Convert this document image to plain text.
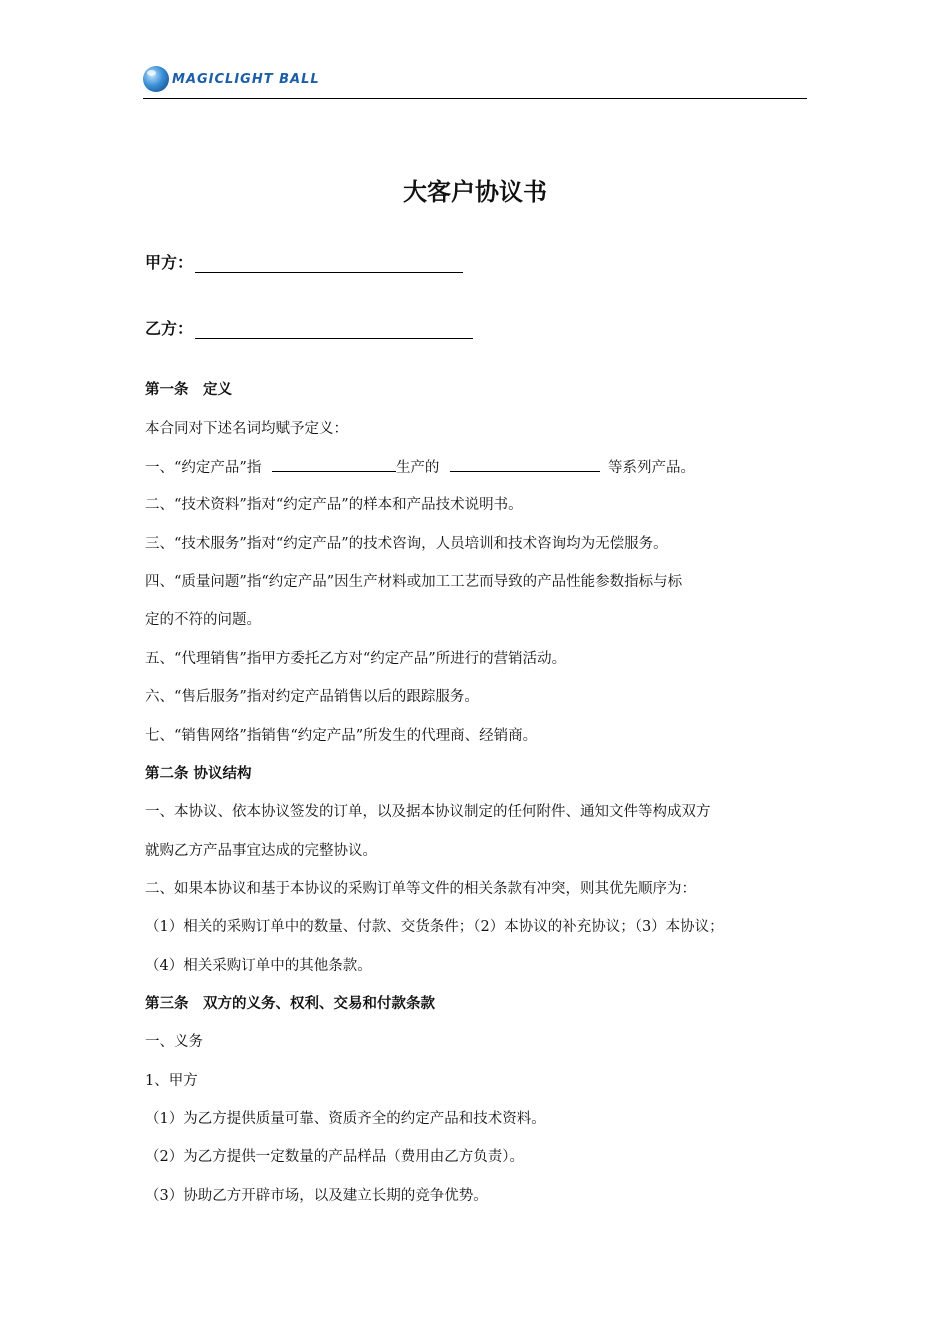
MAGICLIGHT BALL
大客户协议书
甲方：
乙方：
第一条　定义
本合同对下述名词均赋予定义：
一、“约定产品”指	生产的	等系列产品。
二、“技术资料”指对“约定产品”的样本和产品技术说明书。
三、“技术服务”指对“约定产品”的技术咨询，人员培训和技术咨询均为无偿服务。
四、“质量问题”指“约定产品”因生产材料或加工工艺而导致的产品性能参数指标与标
定的不符的问题。
五、“代理销售”指甲方委托乙方对“约定产品”所进行的营销活动。
六、“售后服务”指对约定产品销售以后的跟踪服务。
七、“销售网络”指销售“约定产品”所发生的代理商、经销商。
第二条 协议结构
一、本协议、依本协议签发的订单，以及据本协议制定的任何附件、通知文件等构成双方
就购乙方产品事宜达成的完整协议。
二、如果本协议和基于本协议的采购订单等文件的相关条款有冲突，则其优先顺序为：
（1）相关的采购订单中的数量、付款、交货条件；（2）本协议的补充协议；（3）本协议；
（4）相关采购订单中的其他条款。
第三条　双方的义务、权利、交易和付款条款
一、义务
1、甲方
（1）为乙方提供质量可靠、资质齐全的约定产品和技术资料。
（2）为乙方提供一定数量的产品样品（费用由乙方负责）。
（3）协助乙方开辟市场，以及建立长期的竞争优势。
